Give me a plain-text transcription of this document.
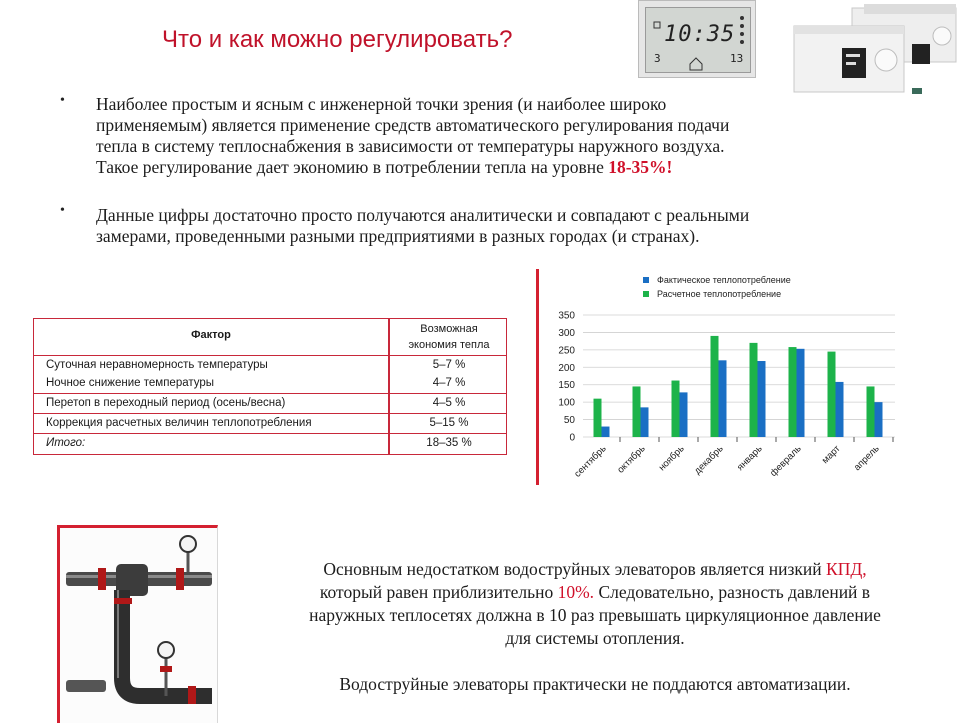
Что и как можно регулировать?	10:35
3	13
• Наиболее простым и ясным с инженерной точки зрения (и наиболее широко
применяемым) является применение средств автоматического регулирования подачи
тепла в систему теплоснабжения в зависимости от температуры наружного воздуха.
Такое регулирование дает экономию в потреблении тепла на уровне 18-35%!
• Данные цифры достаточно просто получаются аналитически и совпадают с реальными
замерами, проведенными разными предприятиями в разных городах (и странах).
Фактор	Возможная
экономия тепла
Суточная неравномерность температуры	5–7 %
Ночное снижение температуры	4–7 %
Перетоп в переходный период (осень/весна)	4–5 %
Коррекция расчетных величин теплопотребления	5–15 %
Итого:	18–35 %
Фактическое теплопотребление
Расчетное теплопотребление
0
50
100
150
200
250
300
350
сентябрь октябрь ноябрь декабрь январь февраль март апрель
Основным недостатком водоструйных элеваторов является низкий КПД,
который равен приблизительно 10%. Следовательно, разность давлений в
наружных теплосетях должна в 10 раз превышать циркуляционное давление
для системы отопления.
Водоструйные элеваторы практически не поддаются автоматизации.
